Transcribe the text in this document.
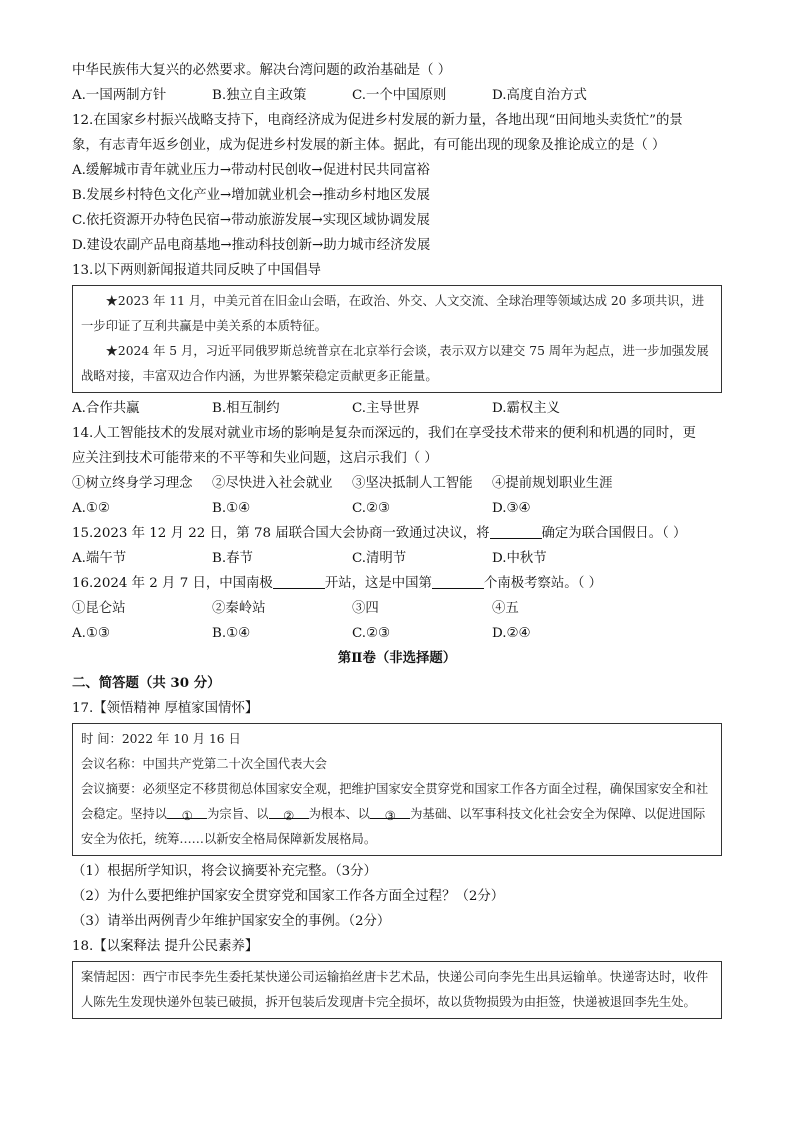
中华民族伟大复兴的必然要求。解决台湾问题的政治基础是（ ）
A.一国两制方针	B.独立自主政策	C.一个中国原则	D.高度自治方式
12.在国家乡村振兴战略支持下，电商经济成为促进乡村发展的新力量，各地出现“田间地头卖货忙”的景
象，有志青年返乡创业，成为促进乡村发展的新主体。据此，有可能出现的现象及推论成立的是（ ）
A.缓解城市青年就业压力→带动村民创收→促进村民共同富裕
B.发展乡村特色文化产业→增加就业机会→推动乡村地区发展
C.依托资源开办特色民宿→带动旅游发展→实现区域协调发展
D.建设农副产品电商基地→推动科技创新→助力城市经济发展
13.以下两则新闻报道共同反映了中国倡导

★2023 年 11 月，中美元首在旧金山会晤，在政治、外交、人文交流、全球治理等领域达成 20 多项共识，进一步印证了互利共赢是中美关系的本质特征。

★2024 年 5 月，习近平同俄罗斯总统普京在北京举行会谈，表示双方以建交 75 周年为起点，进一步加强发展战略对接，丰富双边合作内涵，为世界繁荣稳定贡献更多正能量。

A.合作共赢	B.相互制约	C.主导世界	D.霸权主义
14.人工智能技术的发展对就业市场的影响是复杂而深远的，我们在享受技术带来的便利和机遇的同时，更
应关注到技术可能带来的不平等和失业问题，这启示我们（ ）
①树立终身学习理念	②尽快进入社会就业	③坚决抵制人工智能	④提前规划职业生涯
A.①②	B.①④	C.②③	D.③④
15.2023 年 12 月 22 日，第 78 届联合国大会协商一致通过决议，将	确定为联合国假日。（ ）
A.端午节	B.春节	C.清明节	D.中秋节
16.2024 年 2 月 7 日，中国南极	开站，这是中国第	个南极考察站。（ ）
①昆仑站	②秦岭站	③四	④五
A.①③	B.①④	C.②③	D.②④
第Ⅱ卷（非选择题）
二、简答题（共 30 分）
17.【领悟精神 厚植家国情怀】

时 间：2022 年 10 月 16 日

会议名称：中国共产党第二十次全国代表大会

会议摘要：必须坚定不移贯彻总体国家安全观，把维护国家安全贯穿党和国家工作各方面全过程，确保国家安全和社会稳定。坚持以 ① 为宗旨、以 ② 为根本、以 ③ 为基础、以军事科技文化社会安全为保障、以促进国际安全为依托，统筹……以新安全格局保障新发展格局。

（1）根据所学知识，将会议摘要补充完整。（3分）
（2）为什么要把维护国家安全贯穿党和国家工作各方面全过程？（2分）
（3）请举出两例青少年维护国家安全的事例。（2分）
18.【以案释法 提升公民素养】

案情起因：西宁市民李先生委托某快递公司运输掐丝唐卡艺术品，快递公司向李先生出具运输单。快递寄达时，收件人陈先生发现快递外包装已破损，拆开包装后发现唐卡完全损坏，故以货物损毁为由拒签，快递被退回李先生处。
